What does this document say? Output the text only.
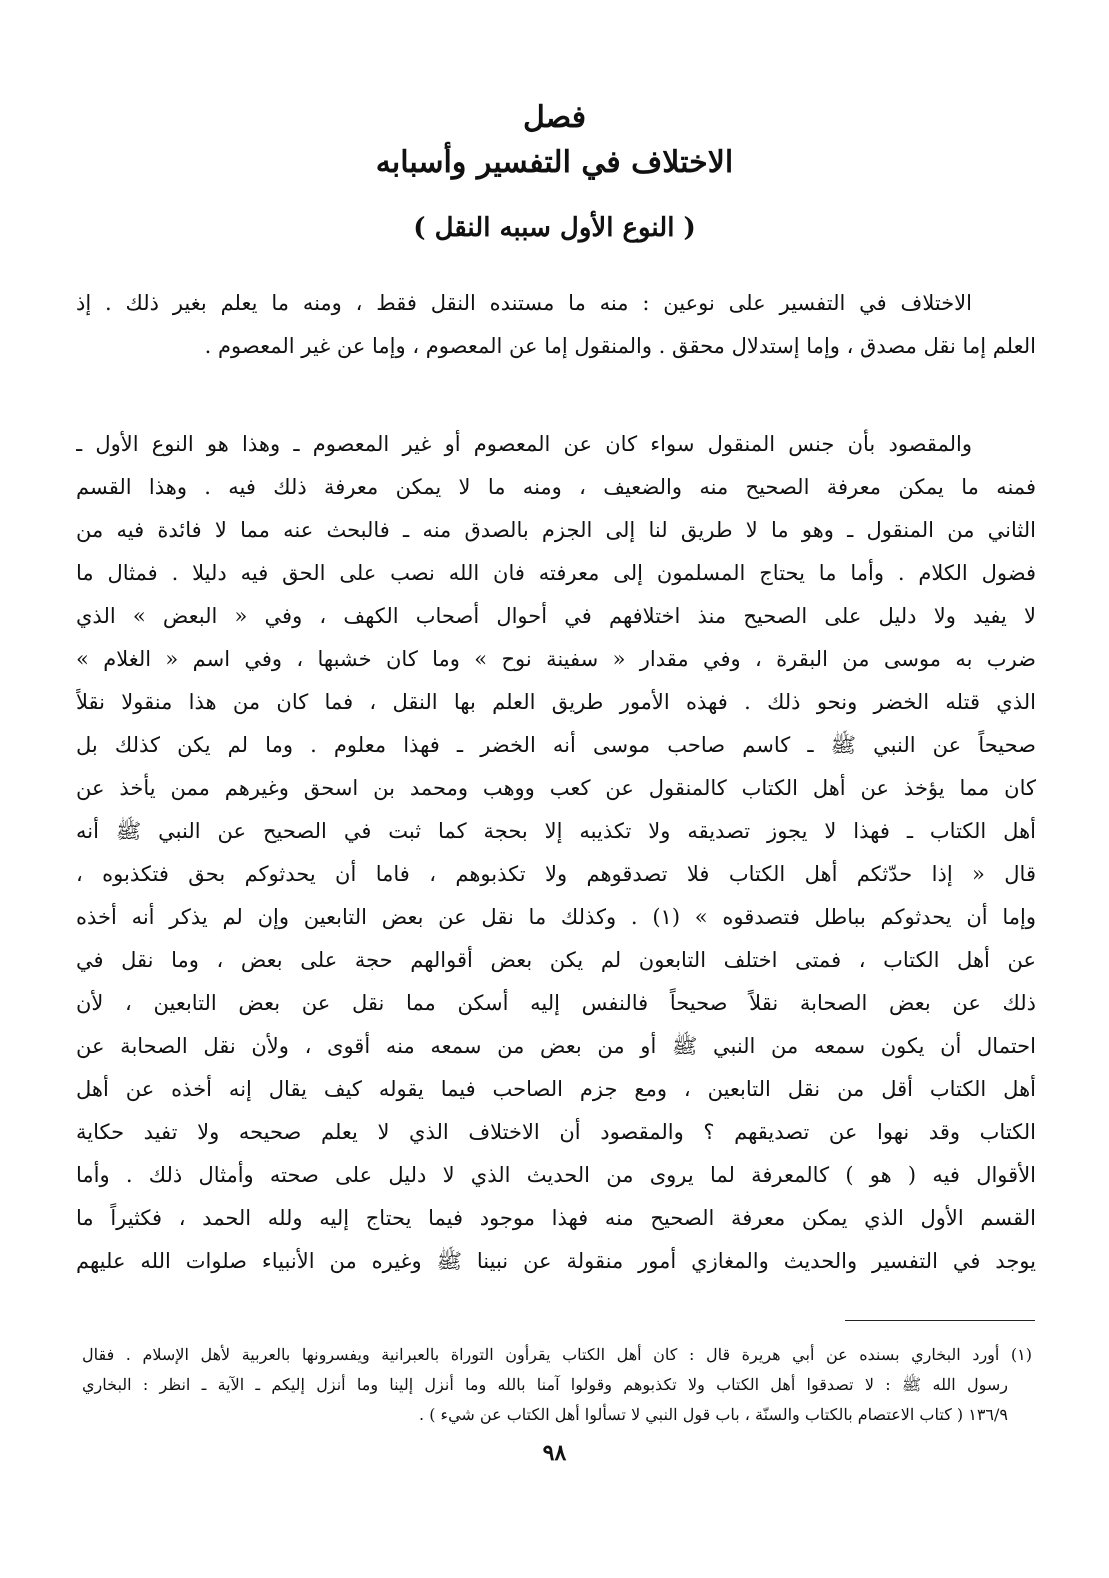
فصل
الاختلاف في التفسير وأسبابه
( النوع الأول سببه النقل )
الاختلاف في التفسير على نوعين : منه ما مستنده النقل فقط ، ومنه ما يعلم بغير ذلك . إذ
العلم إما نقل مصدق ، وإما إستدلال محقق . والمنقول إما عن المعصوم ، وإما عن غير المعصوم .
والمقصود بأن جنس المنقول سواء كان عن المعصوم أو غير المعصوم ـ وهذا هو النوع الأول ـ
فمنه ما يمكن معرفة الصحيح منه والضعيف ، ومنه ما لا يمكن معرفة ذلك فيه . وهذا القسم
الثاني من المنقول ـ وهو ما لا طريق لنا إلى الجزم بالصدق منه ـ فالبحث عنه مما لا فائدة فيه من
فضول الكلام . وأما ما يحتاج المسلمون إلى معرفته فان الله نصب على الحق فيه دليلا . فمثال ما
لا يفيد ولا دليل على الصحيح منذ اختلافهم في أحوال أصحاب الكهف ، وفي « البعض » الذي
ضرب به موسى من البقرة ، وفي مقدار « سفينة نوح » وما كان خشبها ، وفي اسم « الغلام »
الذي قتله الخضر ونحو ذلك . فهذه الأمور طريق العلم بها النقل ، فما كان من هذا منقولا نقلاً
صحيحاً عن النبي ﷺ ـ كاسم صاحب موسى أنه الخضر ـ فهذا معلوم . وما لم يكن كذلك بل
كان مما يؤخذ عن أهل الكتاب كالمنقول عن كعب ووهب ومحمد بن اسحق وغيرهم ممن يأخذ عن
أهل الكتاب ـ فهذا لا يجوز تصديقه ولا تكذيبه إلا بحجة كما ثبت في الصحيح عن النبي ﷺ أنه
قال « إذا حدّثكم أهل الكتاب فلا تصدقوهم ولا تكذبوهم ، فاما أن يحدثوكم بحق فتكذبوه ،
وإما أن يحدثوكم بباطل فتصدقوه » (١) . وكذلك ما نقل عن بعض التابعين وإن لم يذكر أنه أخذه
عن أهل الكتاب ، فمتى اختلف التابعون لم يكن بعض أقوالهم حجة على بعض ، وما نقل في
ذلك عن بعض الصحابة نقلاً صحيحاً فالنفس إليه أسكن مما نقل عن بعض التابعين ، لأن
احتمال أن يكون سمعه من النبي ﷺ أو من بعض من سمعه منه أقوى ، ولأن نقل الصحابة عن
أهل الكتاب أقل من نقل التابعين ، ومع جزم الصاحب فيما يقوله كيف يقال إنه أخذه عن أهل
الكتاب وقد نهوا عن تصديقهم ؟ والمقصود أن الاختلاف الذي لا يعلم صحيحه ولا تفيد حكاية
الأقوال فيه ( هو ) كالمعرفة لما يروى من الحديث الذي لا دليل على صحته وأمثال ذلك . وأما
القسم الأول الذي يمكن معرفة الصحيح منه فهذا موجود فيما يحتاج إليه ولله الحمد ، فكثيراً ما
يوجد في التفسير والحديث والمغازي أمور منقولة عن نبينا ﷺ وغيره من الأنبياء صلوات الله عليهم
(١) أورد البخاري بسنده عن أبي هريرة قال : كان أهل الكتاب يقرأون التوراة بالعبرانية ويفسرونها بالعربية لأهل الإسلام . فقال
رسول الله ﷺ : لا تصدقوا أهل الكتاب ولا تكذبوهم وقولوا آمنا بالله وما أنزل إلينا وما أنزل إليكم ـ الآية ـ انظر : البخاري
١٣٦/٩ ( كتاب الاعتصام بالكتاب والسنّة ، باب قول النبي لا تسألوا أهل الكتاب عن شيء ) .
٩٨
